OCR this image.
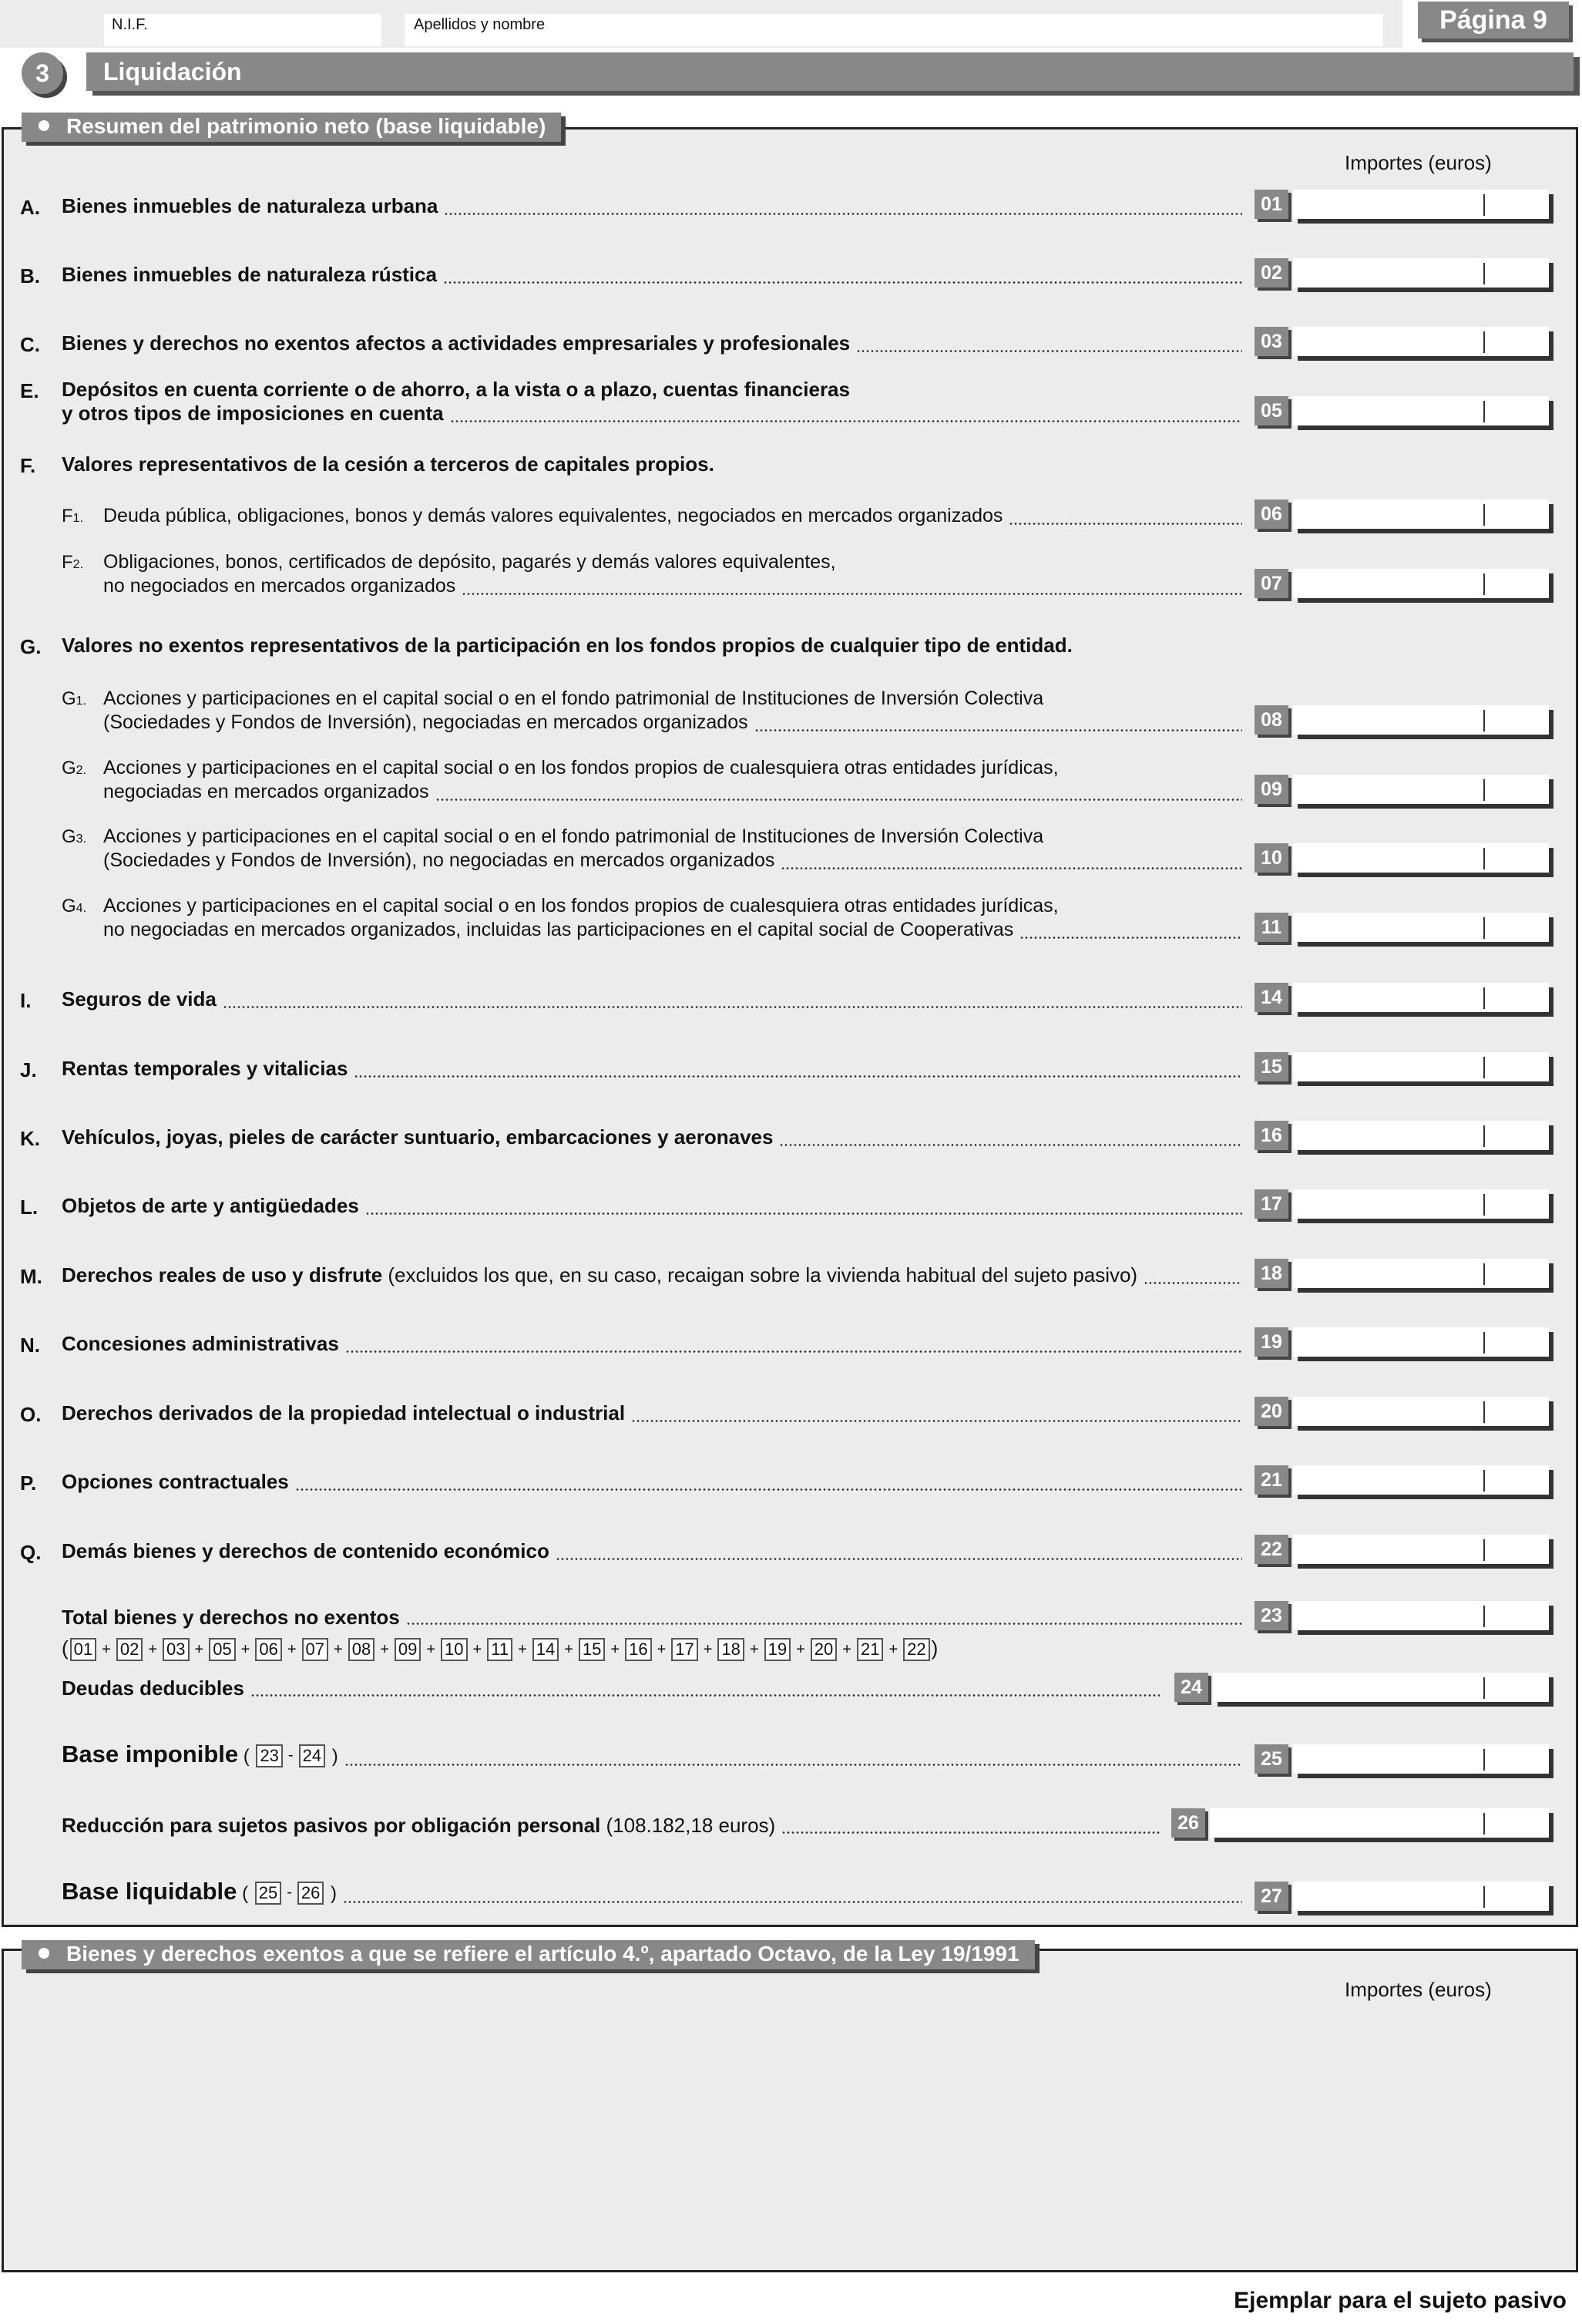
N.I.F.	Apellidos y nombre	Página 9
3	Liquidación
Resumen del patrimonio neto (base liquidable)
Importes (euros)
A. Bienes inmuebles de naturaleza urbana	01
B. Bienes inmuebles de naturaleza rústica	02
C. Bienes y derechos no exentos afectos a actividades empresariales y profesionales	03
E. Depósitos en cuenta corriente o de ahorro, a la vista o a plazo, cuentas financieras
y otros tipos de imposiciones en cuenta	05
F. Valores representativos de la cesión a terceros de capitales propios.
F1. Deuda pública, obligaciones, bonos y demás valores equivalentes, negociados en mercados organizados	06
F2. Obligaciones, bonos, certificados de depósito, pagarés y demás valores equivalentes,
no negociados en mercados organizados	07
G. Valores no exentos representativos de la participación en los fondos propios de cualquier tipo de entidad.
G1. Acciones y participaciones en el capital social o en el fondo patrimonial de Instituciones de Inversión Colectiva
(Sociedades y Fondos de Inversión), negociadas en mercados organizados	08
G2. Acciones y participaciones en el capital social o en los fondos propios de cualesquiera otras entidades jurídicas,
negociadas en mercados organizados	09
G3. Acciones y participaciones en el capital social o en el fondo patrimonial de Instituciones de Inversión Colectiva
(Sociedades y Fondos de Inversión), no negociadas en mercados organizados	10
G4. Acciones y participaciones en el capital social o en los fondos propios de cualesquiera otras entidades jurídicas,
no negociadas en mercados organizados, incluidas las participaciones en el capital social de Cooperativas	11
I. Seguros de vida	14
J. Rentas temporales y vitalicias	15
K. Vehículos, joyas, pieles de carácter suntuario, embarcaciones y aeronaves	16
L. Objetos de arte y antigüedades	17
M. Derechos reales de uso y disfrute (excluidos los que, en su caso, recaigan sobre la vivienda habitual del sujeto pasivo)	18
N. Concesiones administrativas	19
O. Derechos derivados de la propiedad intelectual o industrial	20
P. Opciones contractuales	21
Q. Demás bienes y derechos de contenido económico	22
Total bienes y derechos no exentos	23
( 01 + 02 + 03 + 05 + 06 + 07 + 08 + 09 + 10 + 11 + 14 + 15 + 16 + 17 + 18 + 19 + 20 + 21 + 22 )
Deudas deducibles	24
Base imponible ( 23 - 24 )	25
Reducción para sujetos pasivos por obligación personal (108.182,18 euros)	26
Base liquidable ( 25 - 26 )	27
Bienes y derechos exentos a que se refiere el artículo 4.º, apartado Octavo, de la Ley 19/1991
Importes (euros)
Ejemplar para el sujeto pasivo
